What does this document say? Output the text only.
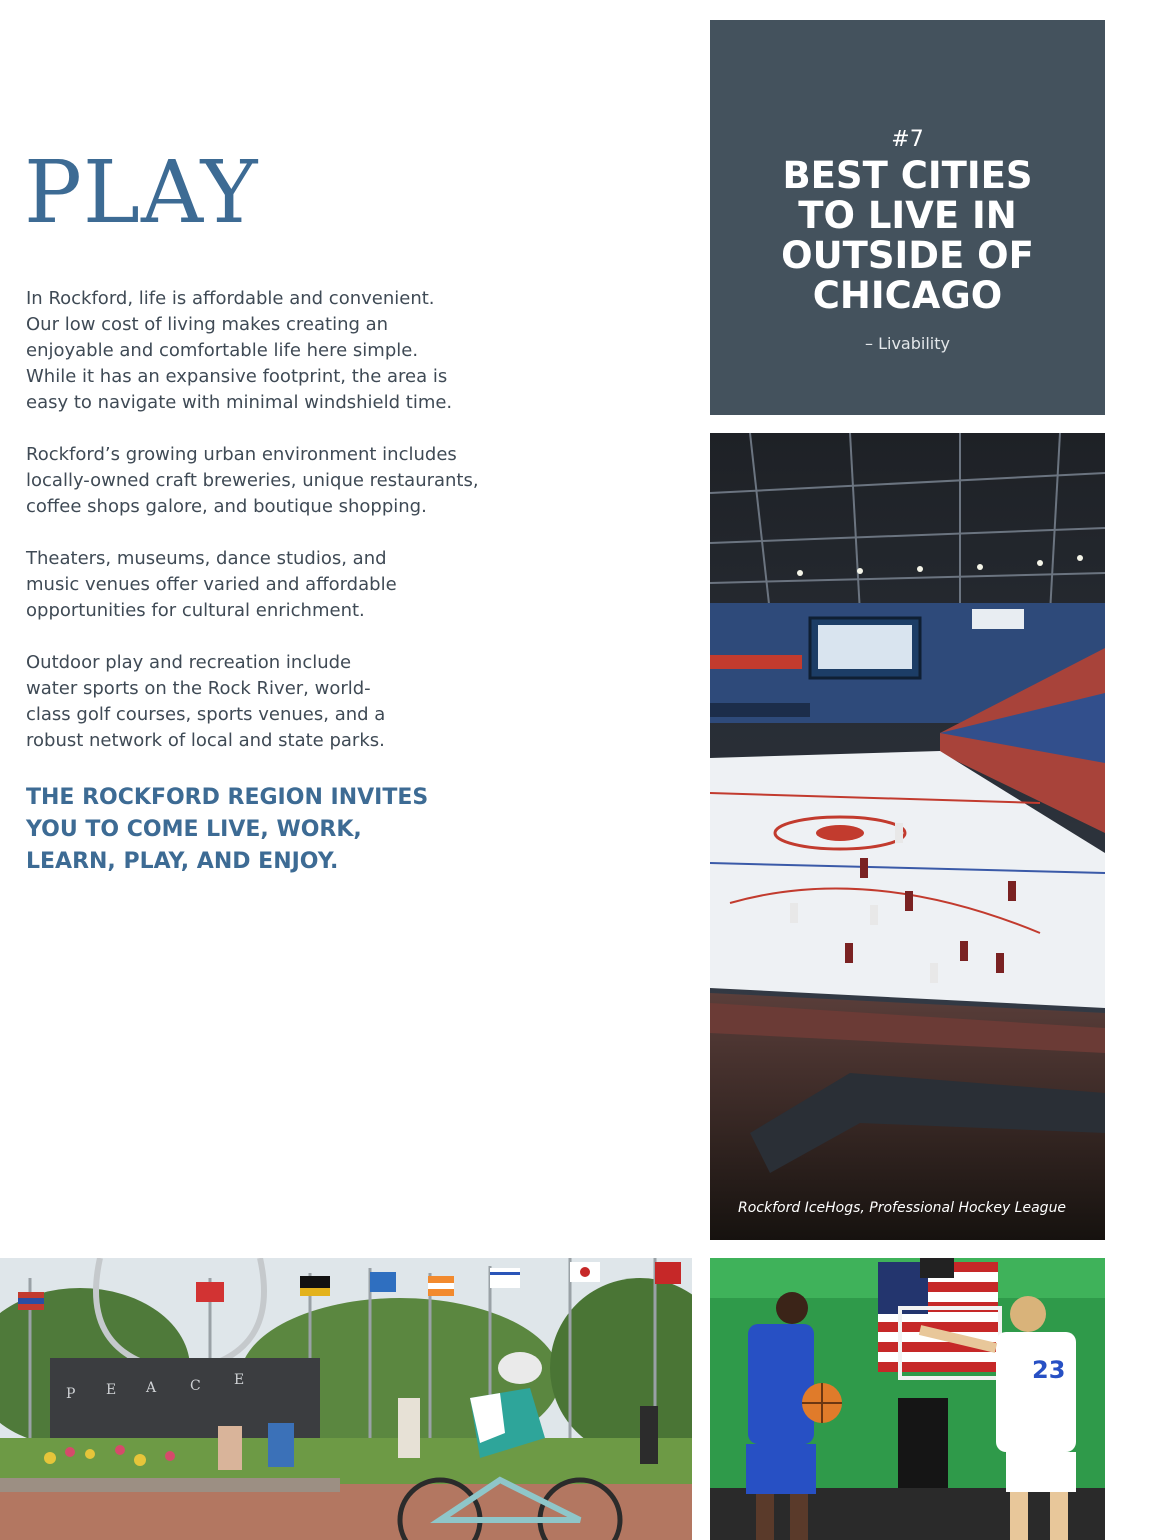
PLAY

In Rockford, life is affordable and convenient.
Our low cost of living makes creating an
enjoyable and comfortable life here simple.
While it has an expansive footprint, the area is
easy to navigate with minimal windshield time.

Rockford’s growing urban environment includes
locally-owned craft breweries, unique restaurants,
coffee shops galore, and boutique shopping.

Theaters, museums, dance studios, and
music venues offer varied and affordable
opportunities for cultural enrichment.

Outdoor play and recreation include
water sports on the Rock River, world-
class golf courses, sports venues, and a
robust network of local and state parks.

THE ROCKFORD REGION INVITES
YOU TO COME LIVE, WORK,
LEARN, PLAY, AND ENJOY.

#7
BEST CITIES
TO LIVE IN
OUTSIDE OF
CHICAGO
– Livability
Rockford IceHogs, Professional Hockey League
P E A C E	23
